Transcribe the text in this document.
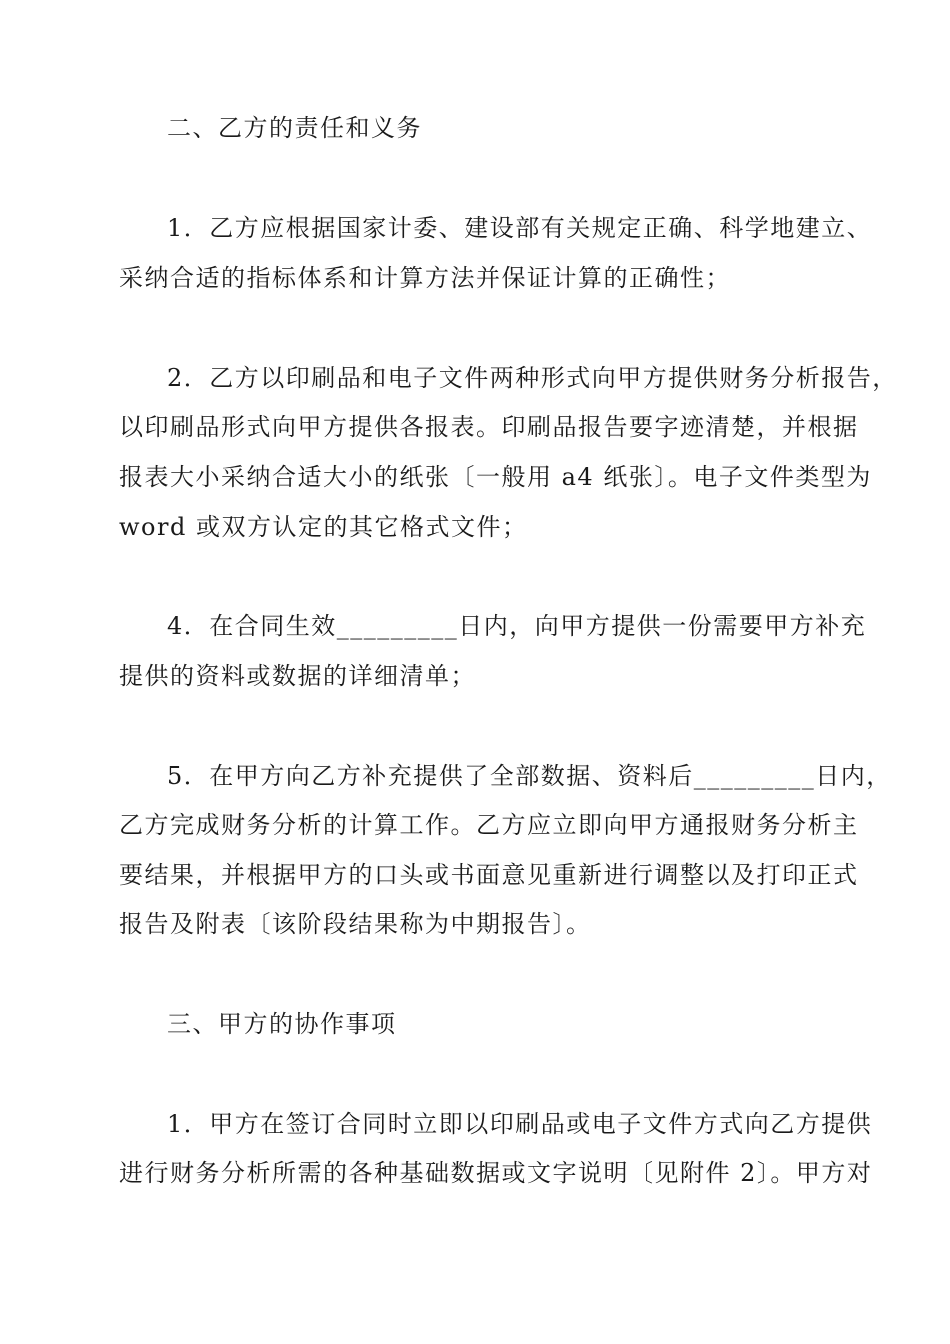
二、乙方的责任和义务
1．乙方应根据国家计委、建设部有关规定正确、科学地建立、
采纳合适的指标体系和计算方法并保证计算的正确性；
2．乙方以印刷品和电子文件两种形式向甲方提供财务分析报告，
以印刷品形式向甲方提供各报表。印刷品报告要字迹清楚，并根据
报表大小采纳合适大小的纸张〔一般用 a4 纸张〕。电子文件类型为
word 或双方认定的其它格式文件；
4．在合同生效_________日内，向甲方提供一份需要甲方补充
提供的资料或数据的详细清单；
5．在甲方向乙方补充提供了全部数据、资料后_________日内，
乙方完成财务分析的计算工作。乙方应立即向甲方通报财务分析主
要结果，并根据甲方的口头或书面意见重新进行调整以及打印正式
报告及附表〔该阶段结果称为中期报告〕。
三、甲方的协作事项
1．甲方在签订合同时立即以印刷品或电子文件方式向乙方提供
进行财务分析所需的各种基础数据或文字说明〔见附件 2〕。甲方对
